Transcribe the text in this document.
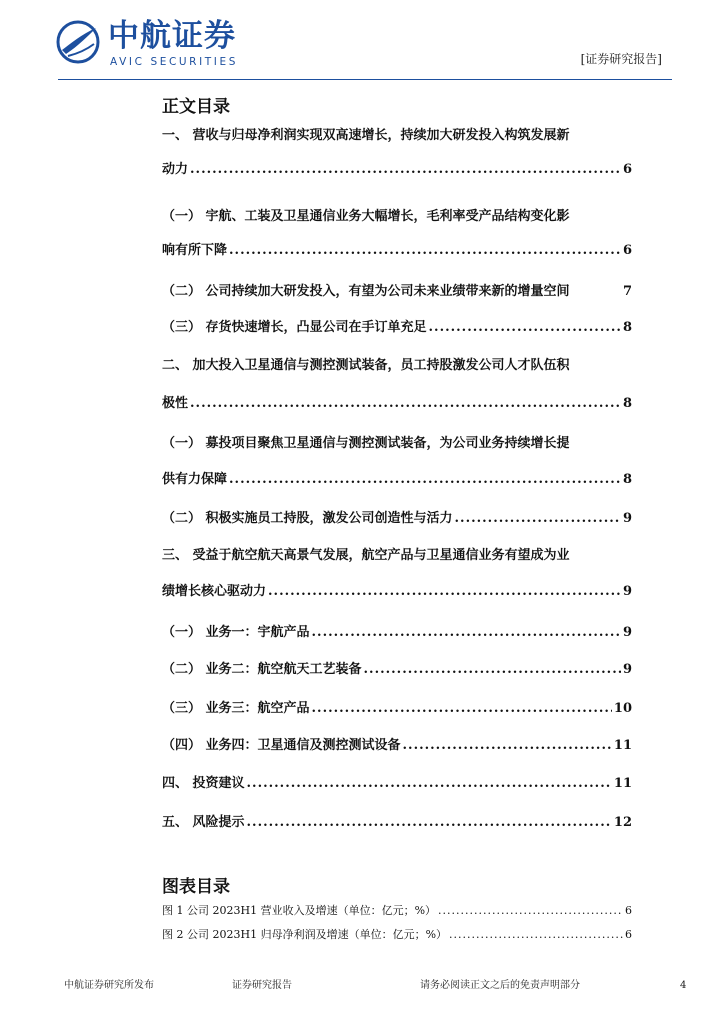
中航证券
AVIC SECURITIES	[证券研究报告]
正文目录
一、 营收与归母净利润实现双高速增长，持续加大研发投入构筑发展新
动力 .....	6
（一） 宇航、工装及卫星通信业务大幅增长，毛利率受产品结构变化影
响有所下降 .....	6
（二） 公司持续加大研发投入，有望为公司未来业绩带来新的增量空间	7
（三） 存货快速增长，凸显公司在手订单充足 .....	8
二、 加大投入卫星通信与测控测试装备，员工持股激发公司人才队伍积
极性 .....	8
（一） 募投项目聚焦卫星通信与测控测试装备，为公司业务持续增长提
供有力保障 .....	8
（二） 积极实施员工持股，激发公司创造性与活力 .....	9
三、 受益于航空航天高景气发展，航空产品与卫星通信业务有望成为业
绩增长核心驱动力 .....	9
（一） 业务一：宇航产品 .....	9
（二） 业务二：航空航天工艺装备 .....	9
（三） 业务三：航空产品 .....	10
（四） 业务四：卫星通信及测控测试设备 .....	11
四、 投资建议 .....	11
五、 风险提示 .....	12
图表目录
图 1 公司 2023H1 营业收入及增速（单位：亿元；%） .....	6
图 2 公司 2023H1 归母净利润及增速（单位：亿元；%） .....	6
中航证券研究所发布	证券研究报告	请务必阅读正文之后的免责声明部分	4
